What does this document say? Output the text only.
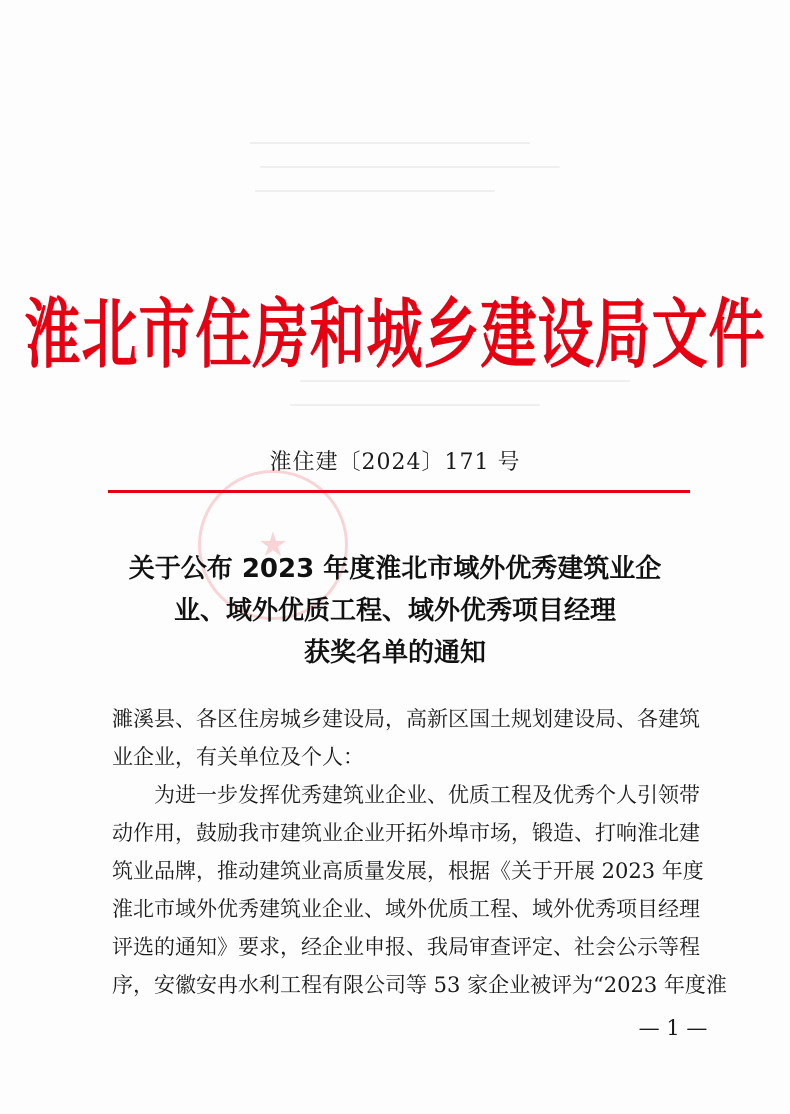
淮北市住房和城乡建设局文件
淮住建〔2024〕171 号
★
关于公布 2023 年度淮北市域外优秀建筑业企
业、域外优质工程、域外优秀项目经理
获奖名单的通知
濉溪县、各区住房城乡建设局，高新区国土规划建设局、各建筑
业企业，有关单位及个人：
为进一步发挥优秀建筑业企业、优质工程及优秀个人引领带
动作用，鼓励我市建筑业企业开拓外埠市场，锻造、打响淮北建
筑业品牌，推动建筑业高质量发展，根据《关于开展 2023 年度
淮北市域外优秀建筑业企业、域外优质工程、域外优秀项目经理
评选的通知》要求，经企业申报、我局审查评定、社会公示等程
序，安徽安冉水利工程有限公司等 53 家企业被评为“2023 年度淮
— 1 —
